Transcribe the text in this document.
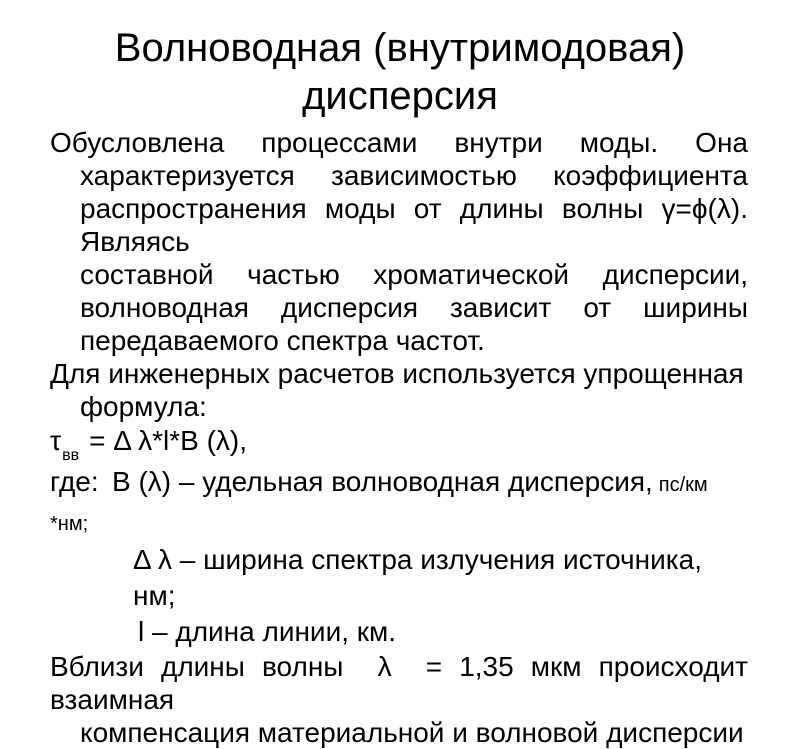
Волноводная (внутримодовая)
дисперсия
Обусловлена процессами внутри моды. Она
характеризуется зависимостью коэффициента
распространения моды от длины волны γ=ϕ(λ). Являясь
составной частью хроматической дисперсии,
волноводная дисперсия зависит от ширины
передаваемого спектра частот.
Для инженерных расчетов используется упрощенная
формула:
$\tau_{вв} = \Delta$ λ*l*В (λ),
где: В (λ) – удельная волноводная дисперсия, пс/км *нм;
Δ λ – ширина спектра излучения источника, нм;
l – длина линии, км.
Вблизи длины волны  λ  = 1,35 мкм происходит взаимная
компенсация материальной и волновой дисперсии
